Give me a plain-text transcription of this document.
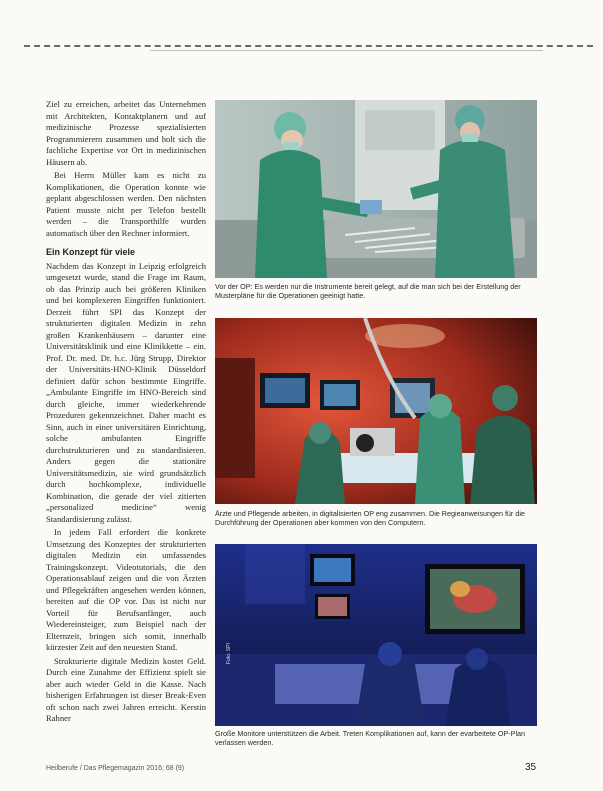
Ziel zu erreichen, arbeitet das Unternehmen mit Architekten, Kontaktplanern und auf medizinische Prozesse spezialisierten Programmierern zusammen und holt sich die fachliche Expertise vor Ort in medizinischen Häusern ab.

Bei Herrn Müller kam es nicht zu Komplikationen, die Operation konnte wie geplant abgeschlossen werden. Den nächsten Patient musste nicht per Telefon bestellt werden – die Transporthilfe wurden automatisch über den Rechner informiert.

Ein Konzept für viele

Nachdem das Konzept in Leipzig erfolgreich umgesetzt wurde, stand die Frage im Raum, ob das Prinzip auch bei größeren Kliniken und bei komplexeren Eingriffen funktioniert. Derzeit führt SPI das Konzept der strukturierten digitalen Medizin in zehn großen Krankenhäusern – darunter eine Universitätsklinik und eine Klinikkette – ein. Prof. Dr. med. Dr. h.c. Jürg Strupp, Direktor der Universitäts-HNO-Klinik Düsseldorf definiert dafür schon bestimmte Eingriffe. „Ambulante Eingriffe im HNO-Bereich sind durch gleiche, immer wiederkehrende Prozeduren gekennzeichnet. Daher macht es Sinn, auch in einer universitären Einrichtung, solche ambulanten Eingriffe durchstrukturieren und zu standardisieren. Anders gegen die stationäre Universitätsmedizin, sie wird grundsätzlich durch hochkomplexe, individuelle Kombination, die gerade der viel zitierten „personalized medicine“ wenig Standardisierung zulässt.

In jedem Fall erfordert die konkrete Umsetzung des Konzeptes der strukturierten digitalen Medizin ein umfassendes Trainingskonzept. Videotutorials, die den Operationsablauf zeigen und die von Ärzten und Pflegekräften angesehen werden können, bereiten auf die OP vor. Das ist nicht nur Vorteil für Berufsanfänger, auch Wiedereinsteiger, zum Beispiel nach der Elternzeit, bringen sich somit, innerhalb kürzester Zeit auf den neuesten Stand.

Strukturierte digitale Medizin kostet Geld. Durch eine Zunahme der Effizienz spielt sie aber auch wieder Geld in die Kasse. Nach bisherigen Erfahrungen ist dieser Break-Even oft schon nach zwei Jahren erreicht. Kerstin Rahner

Vor der OP: Es werden nur die Instrumente bereit gelegt, auf die man sich bei der Erstellung der Musterpläne für die Operationen geeinigt hatte.
Ärzte und Pflegende arbeiten, in digitalisierten OP eng zusammen. Die Regieanweisungen für die Durchführung der Operationen aber kommen von den Computern.
Foto: SPI
Große Monitore unterstützen die Arbeit. Treten Komplikationen auf, kann der evarbeitete OP-Plan verlassen werden.
Heilberufe / Das Pflegemagazin 2016; 68 (9)	35
